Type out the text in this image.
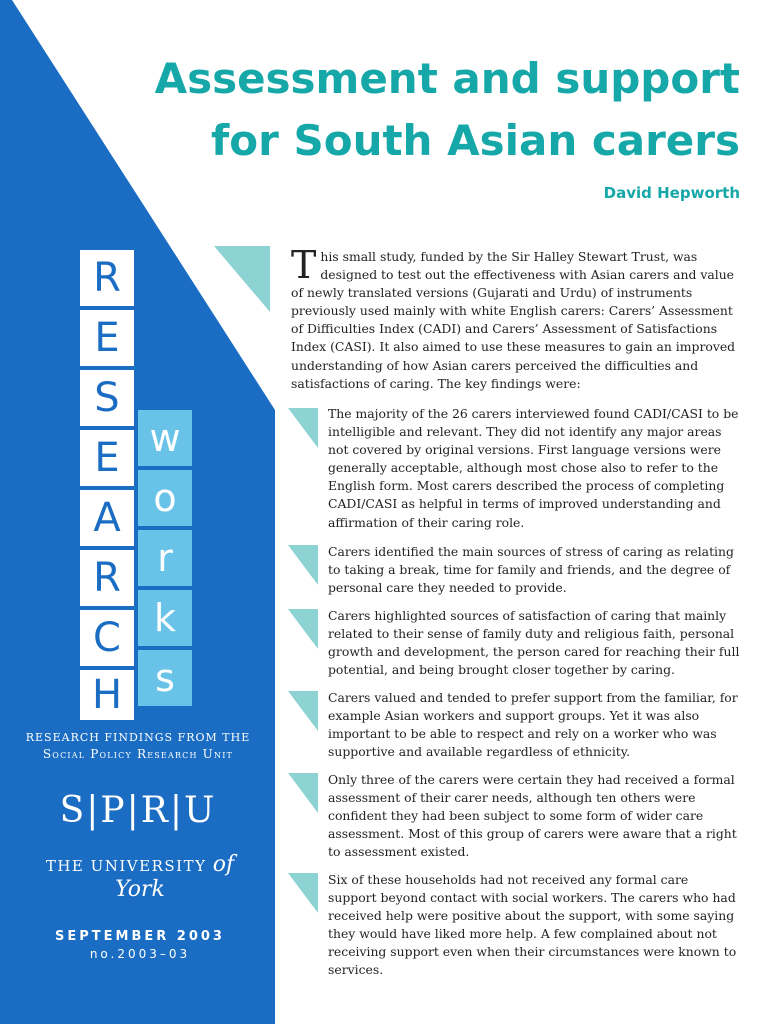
Assessment and support
for South Asian carers

David Hepworth

R
E
S
E
A
R
C
H
w
o
r
k
s
RESEARCH FINDINGS FROM THE
Social Policy Research Unit
S|P|R|U
THE UNIVERSITY of York
SEPTEMBER 2003
no.2003–03

This small study, funded by the Sir Halley Stewart Trust, was designed to test out the effectiveness with Asian carers and value of newly translated versions (Gujarati and Urdu) of instruments previously used mainly with white English carers: Carers’ Assessment of Difficulties Index (CADI) and Carers’ Assessment of Satisfactions Index (CASI). It also aimed to use these measures to gain an improved understanding of how Asian carers perceived the difficulties and satisfactions of caring. The key findings were:

The majority of the 26 carers interviewed found CADI/CASI to be intelligible and relevant. They did not identify any major areas not covered by original versions. First language versions were generally acceptable, although most chose also to refer to the English form. Most carers described the process of completing CADI/CASI as helpful in terms of improved understanding and affirmation of their caring role.

Carers identified the main sources of stress of caring as relating to taking a break, time for family and friends, and the degree of personal care they needed to provide.

Carers highlighted sources of satisfaction of caring that mainly related to their sense of family duty and religious faith, personal growth and development, the person cared for reaching their full potential, and being brought closer together by caring.

Carers valued and tended to prefer support from the familiar, for example Asian workers and support groups. Yet it was also important to be able to respect and rely on a worker who was supportive and available regardless of ethnicity.

Only three of the carers were certain they had received a formal assessment of their carer needs, although ten others were confident they had been subject to some form of wider care assessment. Most of this group of carers were aware that a right to assessment existed.

Six of these households had not received any formal care support beyond contact with social workers. The carers who had received help were positive about the support, with some saying they would have liked more help. A few complained about not receiving support even when their circumstances were known to services.
